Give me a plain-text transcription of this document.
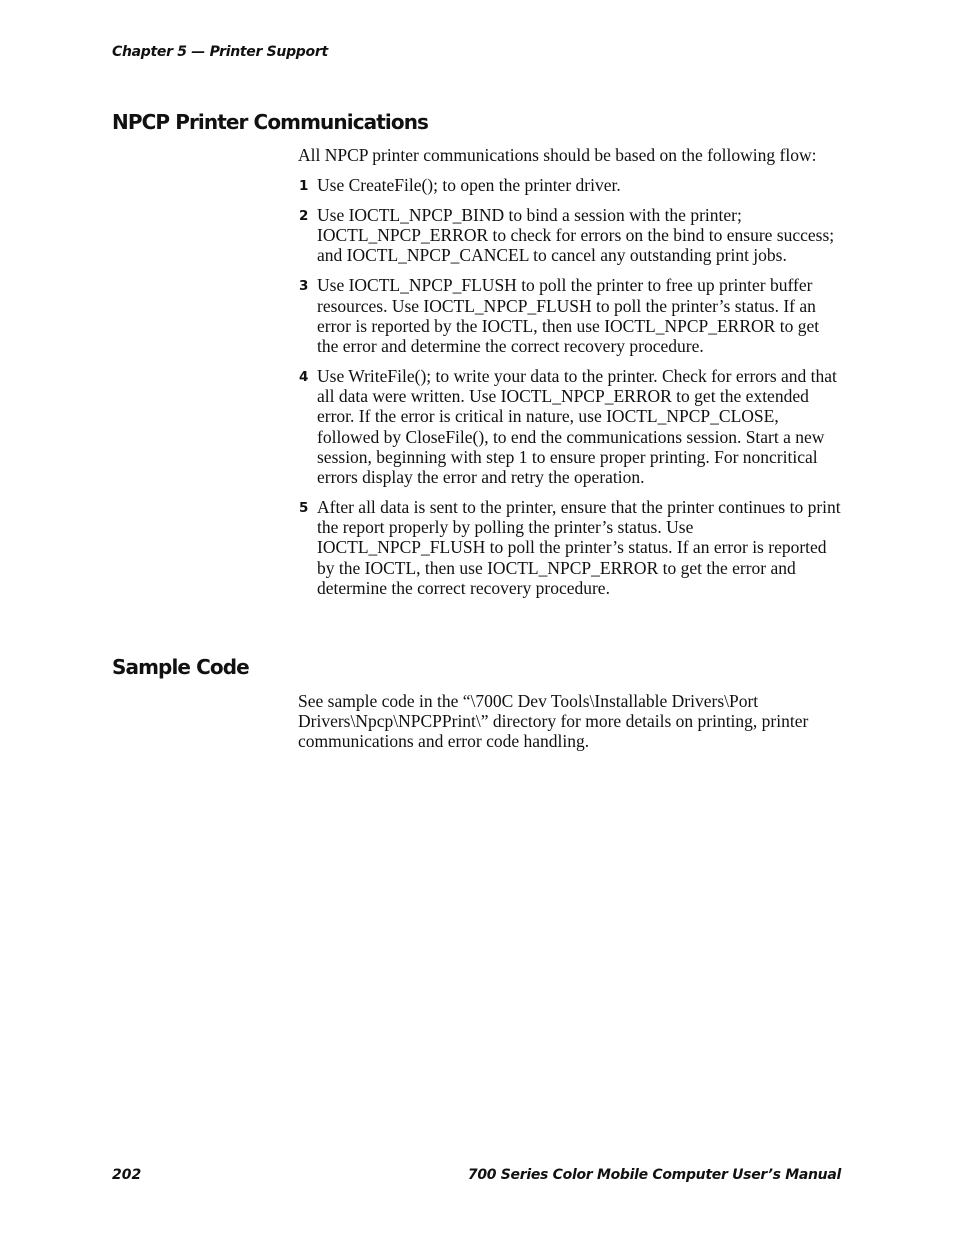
Chapter 5 — Printer Support
NPCP Printer Communications

All NPCP printer communications should be based on the following flow:

1 Use CreateFile(); to open the printer driver.
2 Use IOCTL_NPCP_BIND to bind a session with the printer; IOCTL_NPCP_ERROR to check for errors on the bind to ensure success; and IOCTL_NPCP_CANCEL to cancel any outstanding print jobs.
3 Use IOCTL_NPCP_FLUSH to poll the printer to free up printer buffer resources. Use IOCTL_NPCP_FLUSH to poll the printer’s status. If an error is reported by the IOCTL, then use IOCTL_NPCP_ERROR to get the error and determine the correct recovery procedure.
4 Use WriteFile(); to write your data to the printer. Check for errors and that all data were written. Use IOCTL_NPCP_ERROR to get the extended error. If the error is critical in nature, use IOCTL_NPCP_CLOSE, followed by CloseFile(), to end the communications session. Start a new session, beginning with step 1 to ensure proper printing. For noncritical errors display the error and retry the operation.
5 After all data is sent to the printer, ensure that the printer continues to print the report properly by polling the printer’s status. Use IOCTL_NPCP_FLUSH to poll the printer’s status. If an error is reported by the IOCTL, then use IOCTL_NPCP_ERROR to get the error and determine the correct recovery procedure.
Sample Code

See sample code in the “\700C Dev Tools\Installable Drivers\Port Drivers\Npcp\NPCPPrint\” directory for more details on printing, printer communications and error code handling.

202	700 Series Color Mobile Computer User’s Manual
